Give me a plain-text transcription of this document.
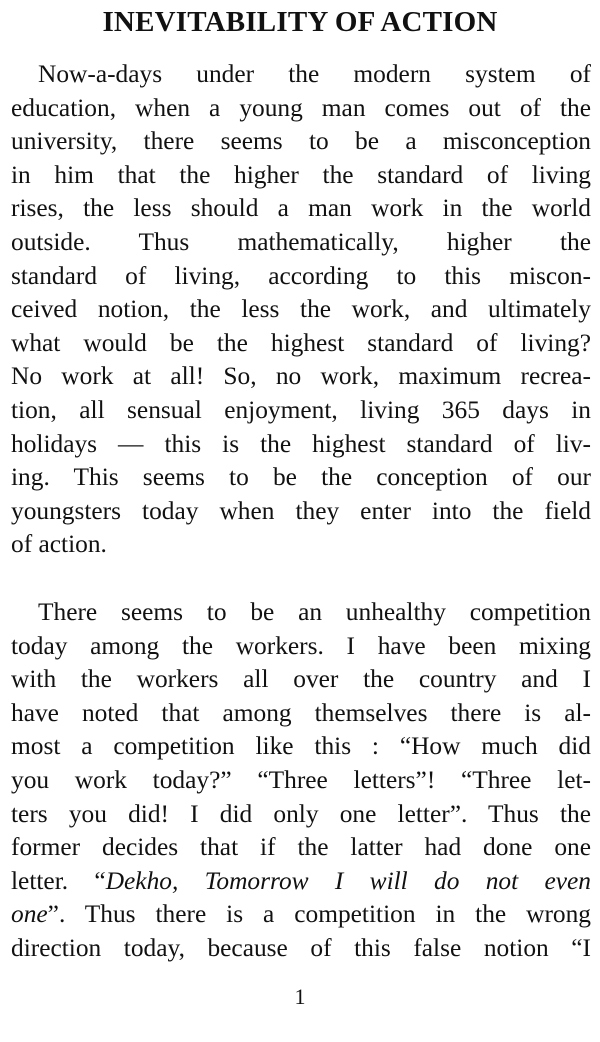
INEVITABILITY OF ACTION

Now-a-days under the modern system of
education, when a young man comes out of the
university, there seems to be a misconception
in him that the higher the standard of living
rises, the less should a man work in the world
outside. Thus mathematically, higher the
standard of living, according to this miscon-
ceived notion, the less the work, and ultimately
what would be the highest standard of living?
No work at all! So, no work, maximum recrea-
tion, all sensual enjoyment, living 365 days in
holidays — this is the highest standard of liv-
ing. This seems to be the conception of our
youngsters today when they enter into the field
of action.

There seems to be an unhealthy competition
today among the workers. I have been mixing
with the workers all over the country and I
have noted that among themselves there is al-
most a competition like this : “How much did
you work today?” “Three letters”! “Three let-
ters you did! I did only one letter”. Thus the
former decides that if the latter had done one
letter. “Dekho, Tomorrow I will do not even
one”. Thus there is a competition in the wrong
direction today, because of this false notion “I

1
